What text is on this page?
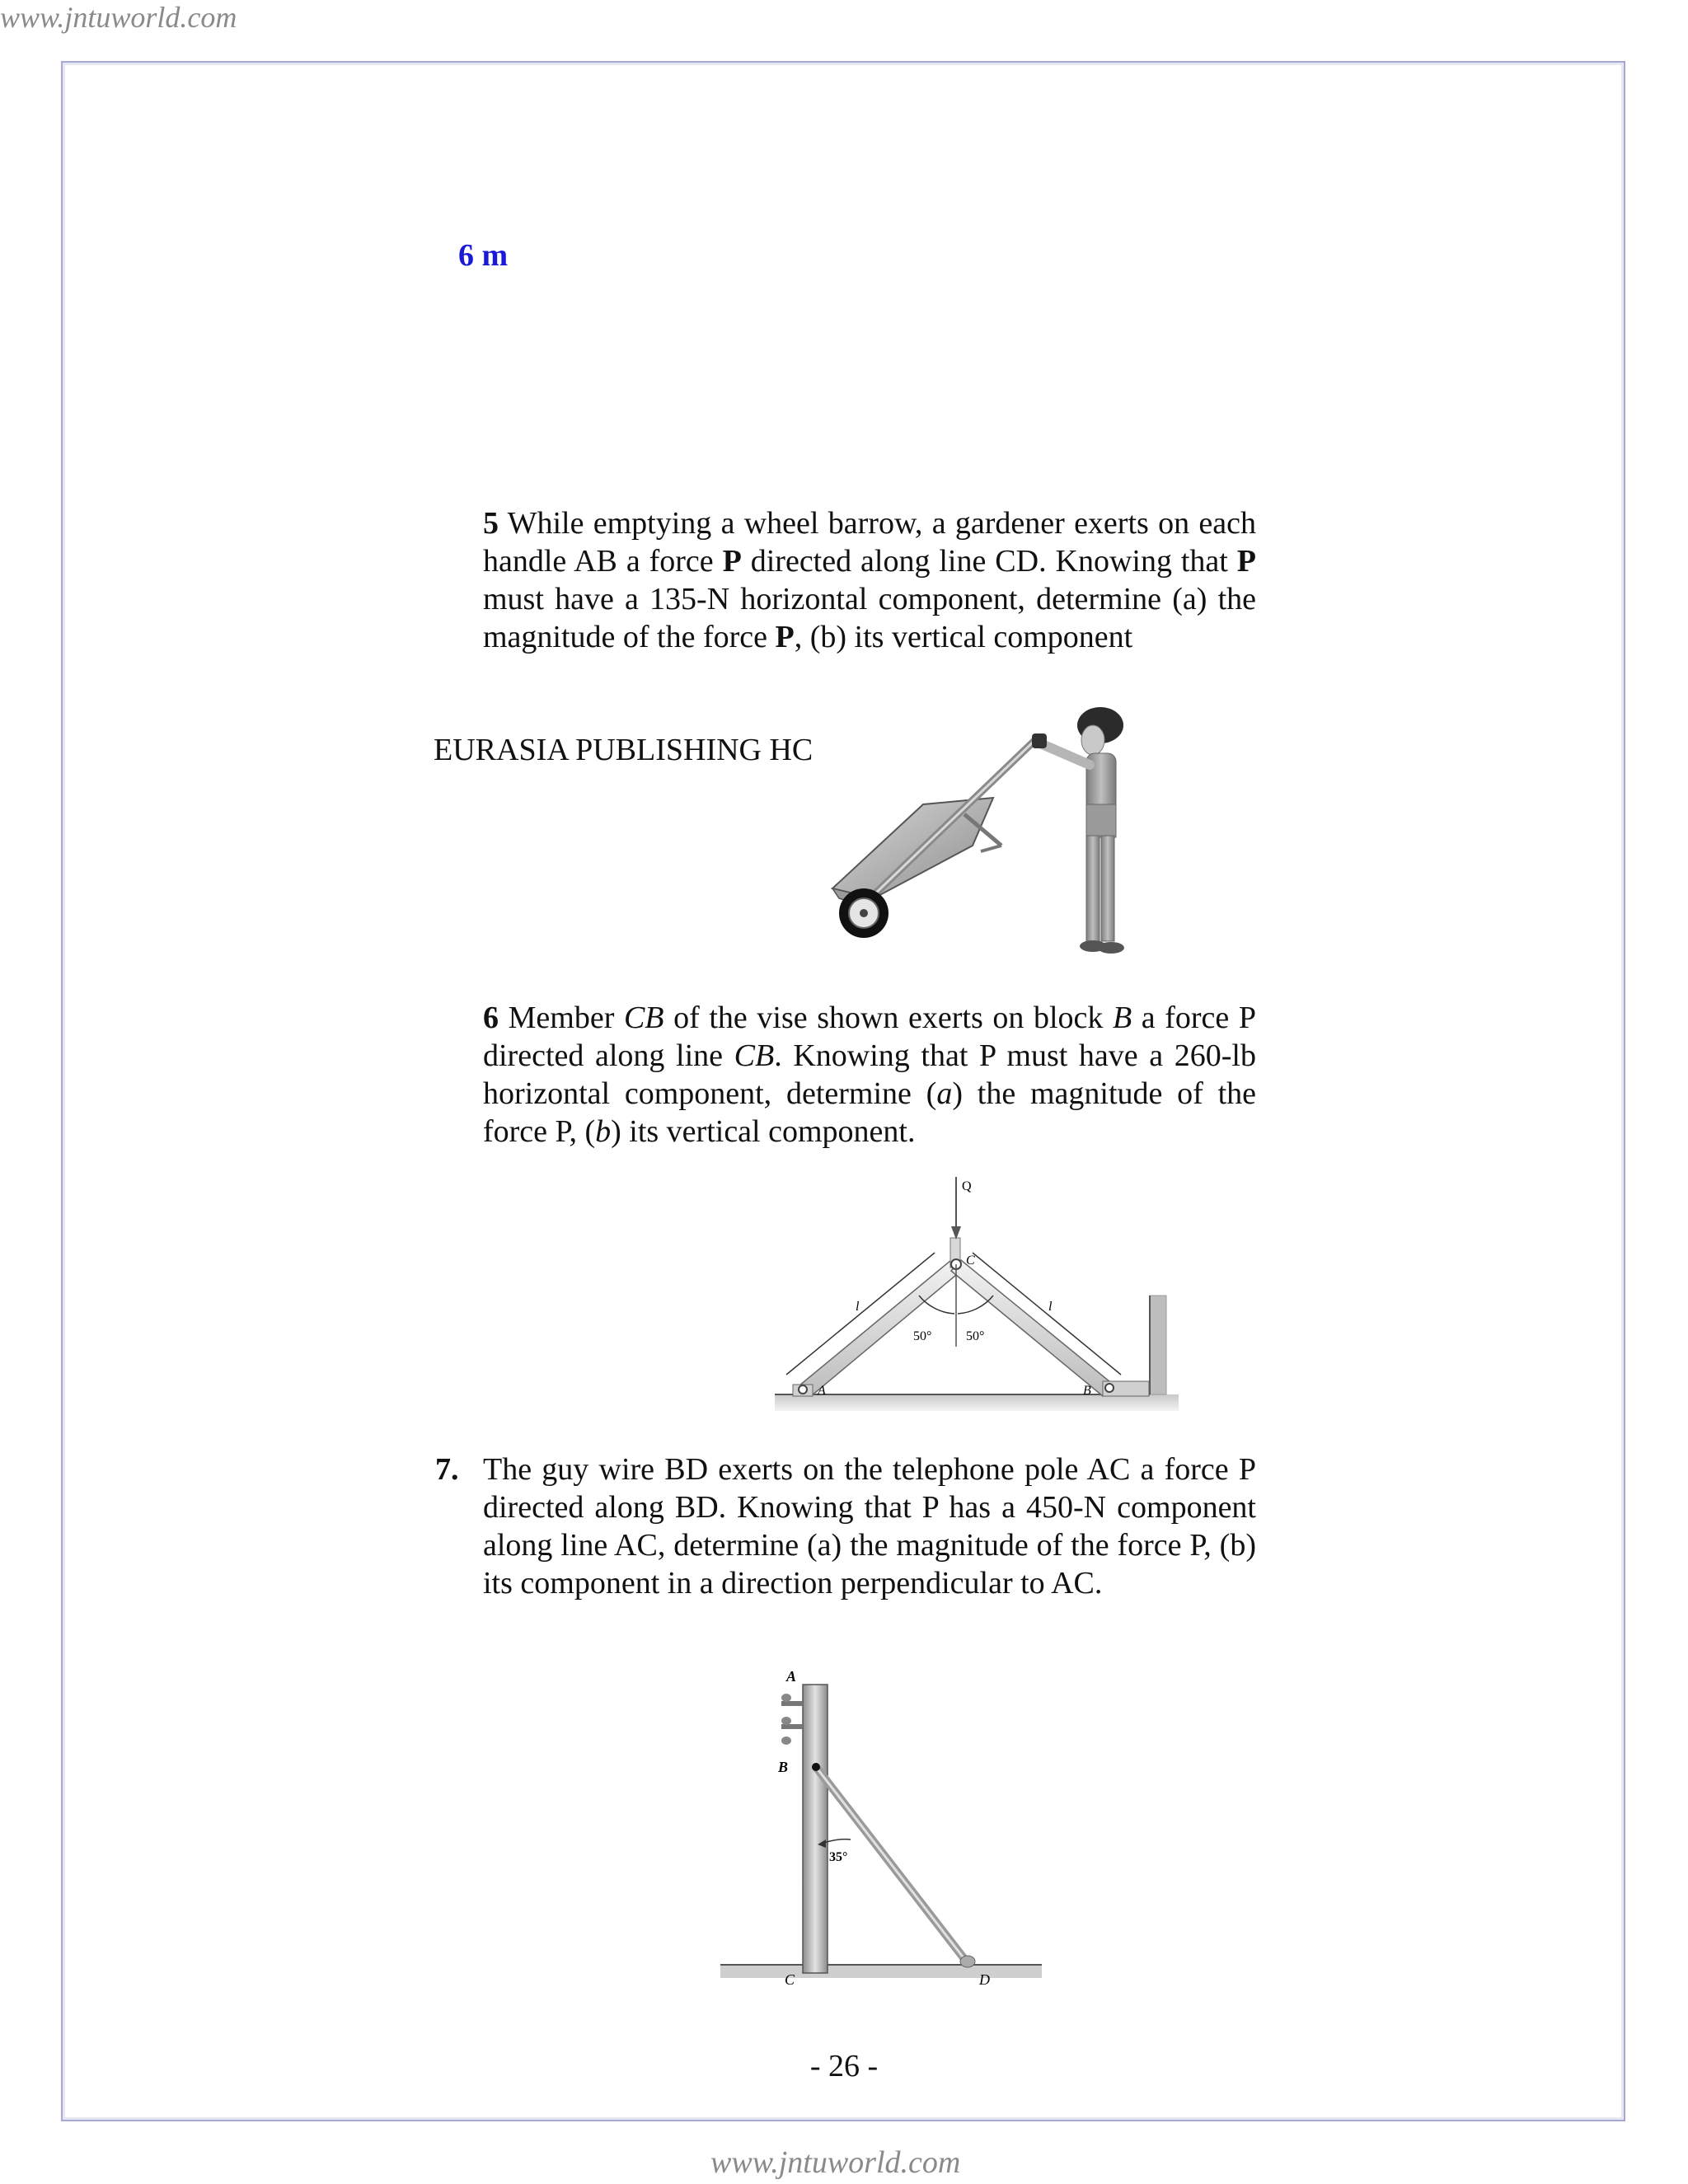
www.jntuworld.com
6 m
5 While emptying a wheel barrow, a gardener exerts on each handle AB a force P directed along line CD. Knowing that P must have a 135-N horizontal component, determine (a) the magnitude of the force P, (b) its vertical component
EURASIA PUBLISHING HC
6 Member CB of the vise shown exerts on block B a force P directed along line CB. Knowing that P must have a 260-lb horizontal component, determine (a) the magnitude of the force P, (b) its vertical component.
Q
C
l	l
50°	50°
A	B
7. The guy wire BD exerts on the telephone pole AC a force P directed along BD. Knowing that P has a 450-N component along line AC, determine (a) the magnitude of the force P, (b) its component in a direction perpendicular to AC.
A
B
35°
C	D
- 26 -
www.jntuworld.com
